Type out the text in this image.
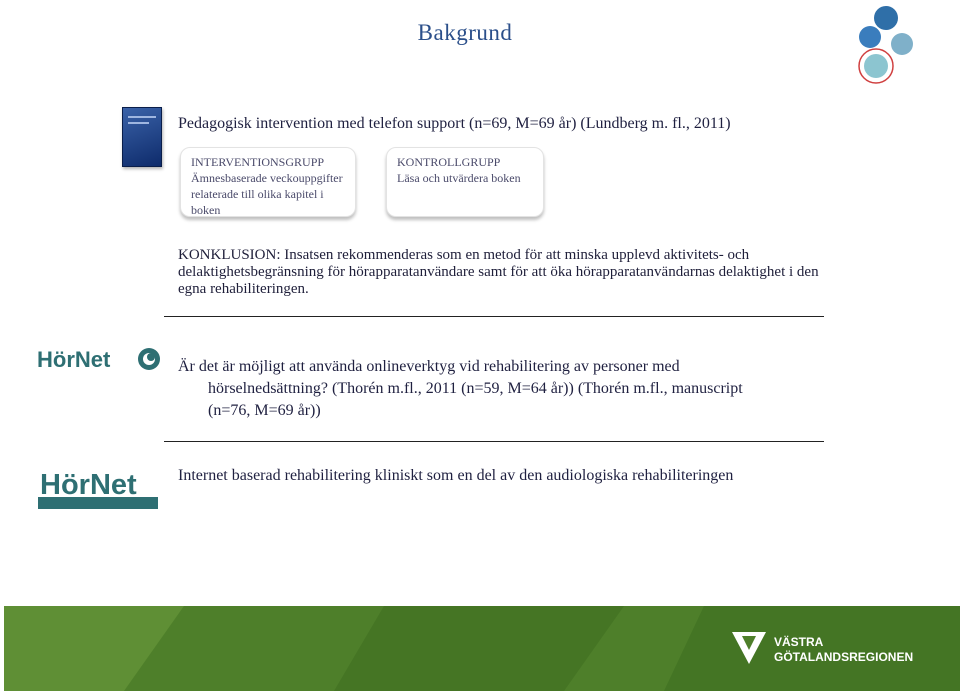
Bakgrund
Pedagogisk intervention med telefon support (n=69, M=69 år) (Lundberg m. fl., 2011)
INTERVENTIONSGRUPP
Ämnesbaserade veckouppgifter relaterade till olika kapitel i boken
KONTROLLGRUPP
Läsa och utvärdera boken
KONKLUSION: Insatsen rekommenderas som en metod för att minska upplevd aktivitets- och delaktighetsbegränsning för hörapparatanvändare samt för att öka hörapparatanvändarnas delaktighet i den egna rehabiliteringen.
HörNet	Är det är möjligt att använda onlineverktyg vid rehabilitering av personer med
hörselnedsättning? (Thorén m.fl., 2011 (n=59, M=64 år)) (Thorén m.fl., manuscript
(n=76, M=69 år))
HörNet	Internet baserad rehabilitering kliniskt som en del av den audiologiska rehabiliteringen
VÄSTRA
GÖTALANDSREGIONEN
